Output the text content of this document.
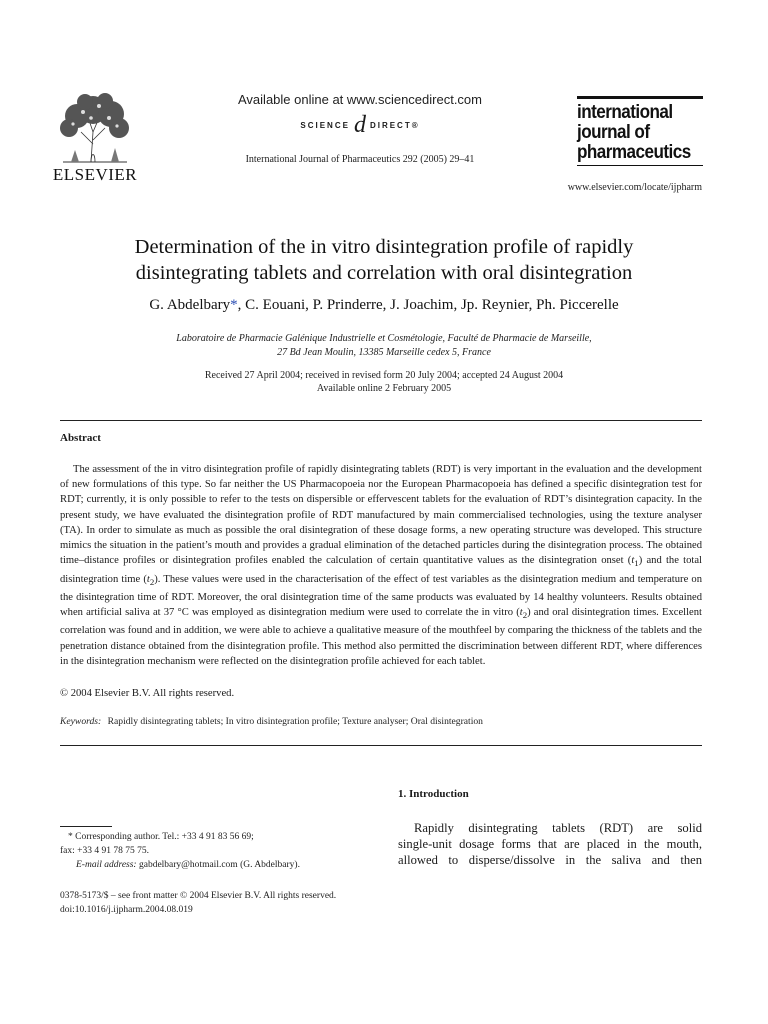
ELSEVIER
Available online at www.sciencedirect.com
SCIENCE d DIRECT®
International Journal of Pharmaceutics 292 (2005) 29–41
international
journal of
pharmaceutics
www.elsevier.com/locate/ijpharm
Determination of the in vitro disintegration profile of rapidly
disintegrating tablets and correlation with oral disintegration
G. Abdelbary*, C. Eouani, P. Prinderre, J. Joachim, Jp. Reynier, Ph. Piccerelle
Laboratoire de Pharmacie Galénique Industrielle et Cosmétologie, Faculté de Pharmacie de Marseille,
27 Bd Jean Moulin, 13385 Marseille cedex 5, France
Received 27 April 2004; received in revised form 20 July 2004; accepted 24 August 2004
Available online 2 February 2005
Abstract

The assessment of the in vitro disintegration profile of rapidly disintegrating tablets (RDT) is very important in the evaluation and the development of new formulations of this type. So far neither the US Pharmacopoeia nor the European Pharmacopoeia has defined a specific disintegration test for RDT; currently, it is only possible to refer to the tests on dispersible or effervescent tablets for the evaluation of RDT’s disintegration capacity. In the present study, we have evaluated the disintegration profile of RDT manufactured by main commercialised technologies, using the texture analyser (TA). In order to simulate as much as possible the oral disintegration of these dosage forms, a new operating structure was developed. This structure mimics the situation in the patient’s mouth and provides a gradual elimination of the detached particles during the disintegration process. The obtained time–distance profiles or disintegration profiles enabled the calculation of certain quantitative values as the disintegration onset $(t_1)$ and the total disintegration time $(t_2)$. These values were used in the characterisation of the effect of test variables as the disintegration medium and temperature on the disintegration time of RDT. Moreover, the oral disintegration time of the same products was evaluated by 14 healthy volunteers. Results obtained when artificial saliva at 37 °C was employed as disintegration medium were used to correlate the in vitro $(t_2)$ and oral disintegration times. Excellent correlation was found and in addition, we were able to achieve a qualitative measure of the mouthfeel by comparing the thickness of the tablets and the penetration distance obtained from the disintegration profile. This method also permitted the discrimination between different RDT, where differences in the disintegration mechanism were reflected on the disintegration profile achieved for each tablet.

© 2004 Elsevier B.V. All rights reserved.
Keywords: Rapidly disintegrating tablets; In vitro disintegration profile; Texture analyser; Oral disintegration
1. Introduction
Rapidly disintegrating tablets (RDT) are solid
single-unit dosage forms that are placed in the mouth,
allowed to disperse/dissolve in the saliva and then
* Corresponding author. Tel.: +33 4 91 83 56 69;
fax: +33 4 91 78 75 75.
E-mail address: gabdelbary@hotmail.com (G. Abdelbary).
0378-5173/$ – see front matter © 2004 Elsevier B.V. All rights reserved.
doi:10.1016/j.ijpharm.2004.08.019
